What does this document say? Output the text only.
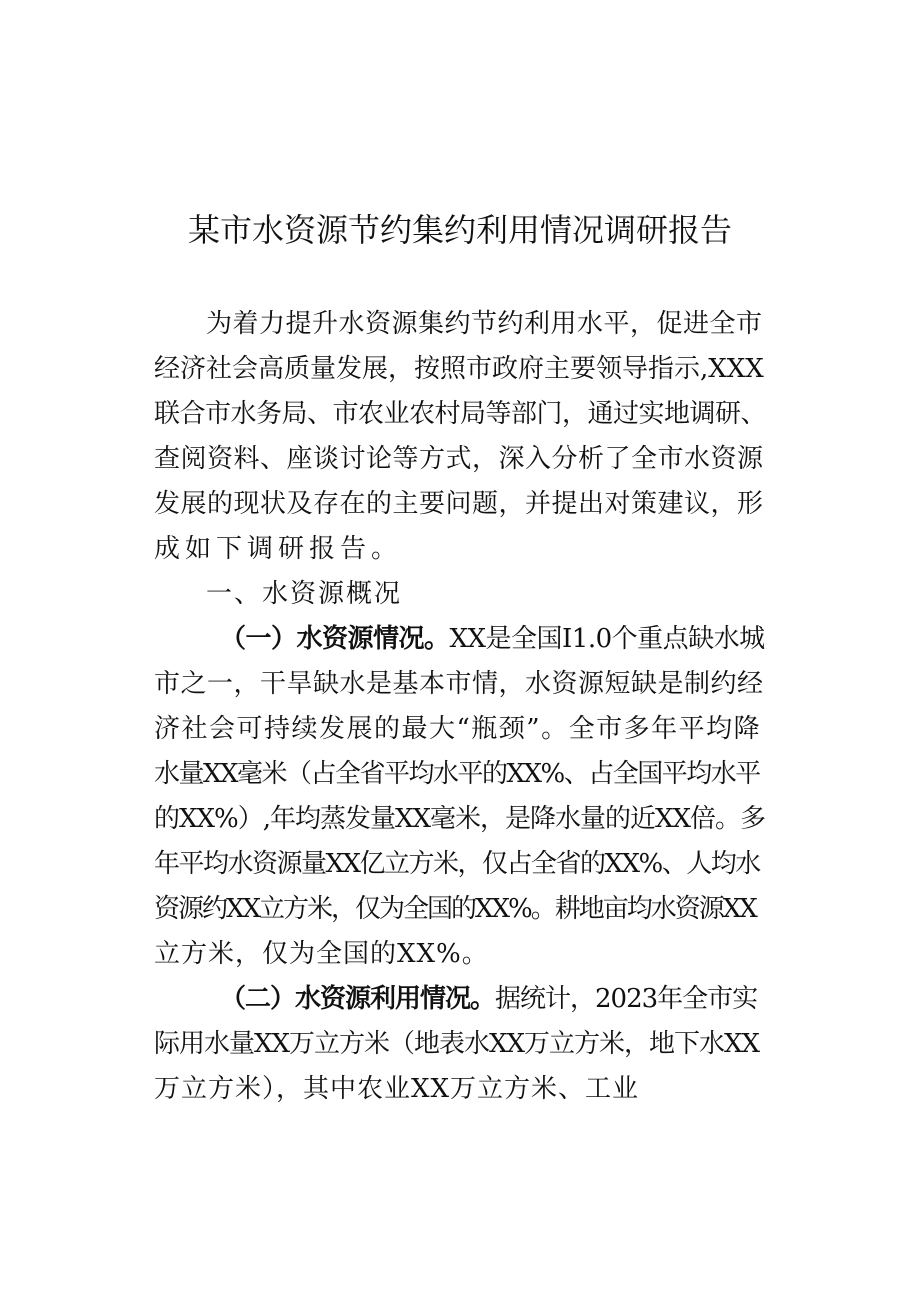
某市水资源节约集约利用情况调研报告
为着力提升水资源集约节约利用水平，促进全市
经济社会高质量发展，按照市政府主要领导指示,XXX
联合市水务局、市农业农村局等部门，通过实地调研、
查阅资料、座谈讨论等方式，深入分析了全市水资源
发展的现状及存在的主要问题，并提出对策建议，形
成如下调研报告。
一、水资源概况
（一）水资源情况。XX是全国I1.0个重点缺水城
市之一，干旱缺水是基本市情，水资源短缺是制约经
济社会可持续发展的最大“瓶颈”。全市多年平均降
水量XX毫米（占全省平均水平的XX%、占全国平均水平
的XX%）,年均蒸发量XX毫米，是降水量的近XX倍。多
年平均水资源量XX亿立方米，仅占全省的XX%、人均水
资源约XX立方米，仅为全国的XX%。耕地亩均水资源XX
立方米，仅为全国的XX%。
（二）水资源利用情况。据统计，2023年全市实
际用水量XX万立方米（地表水XX万立方米，地下水XX
万立方米），其中农业XX万立方米、工业
